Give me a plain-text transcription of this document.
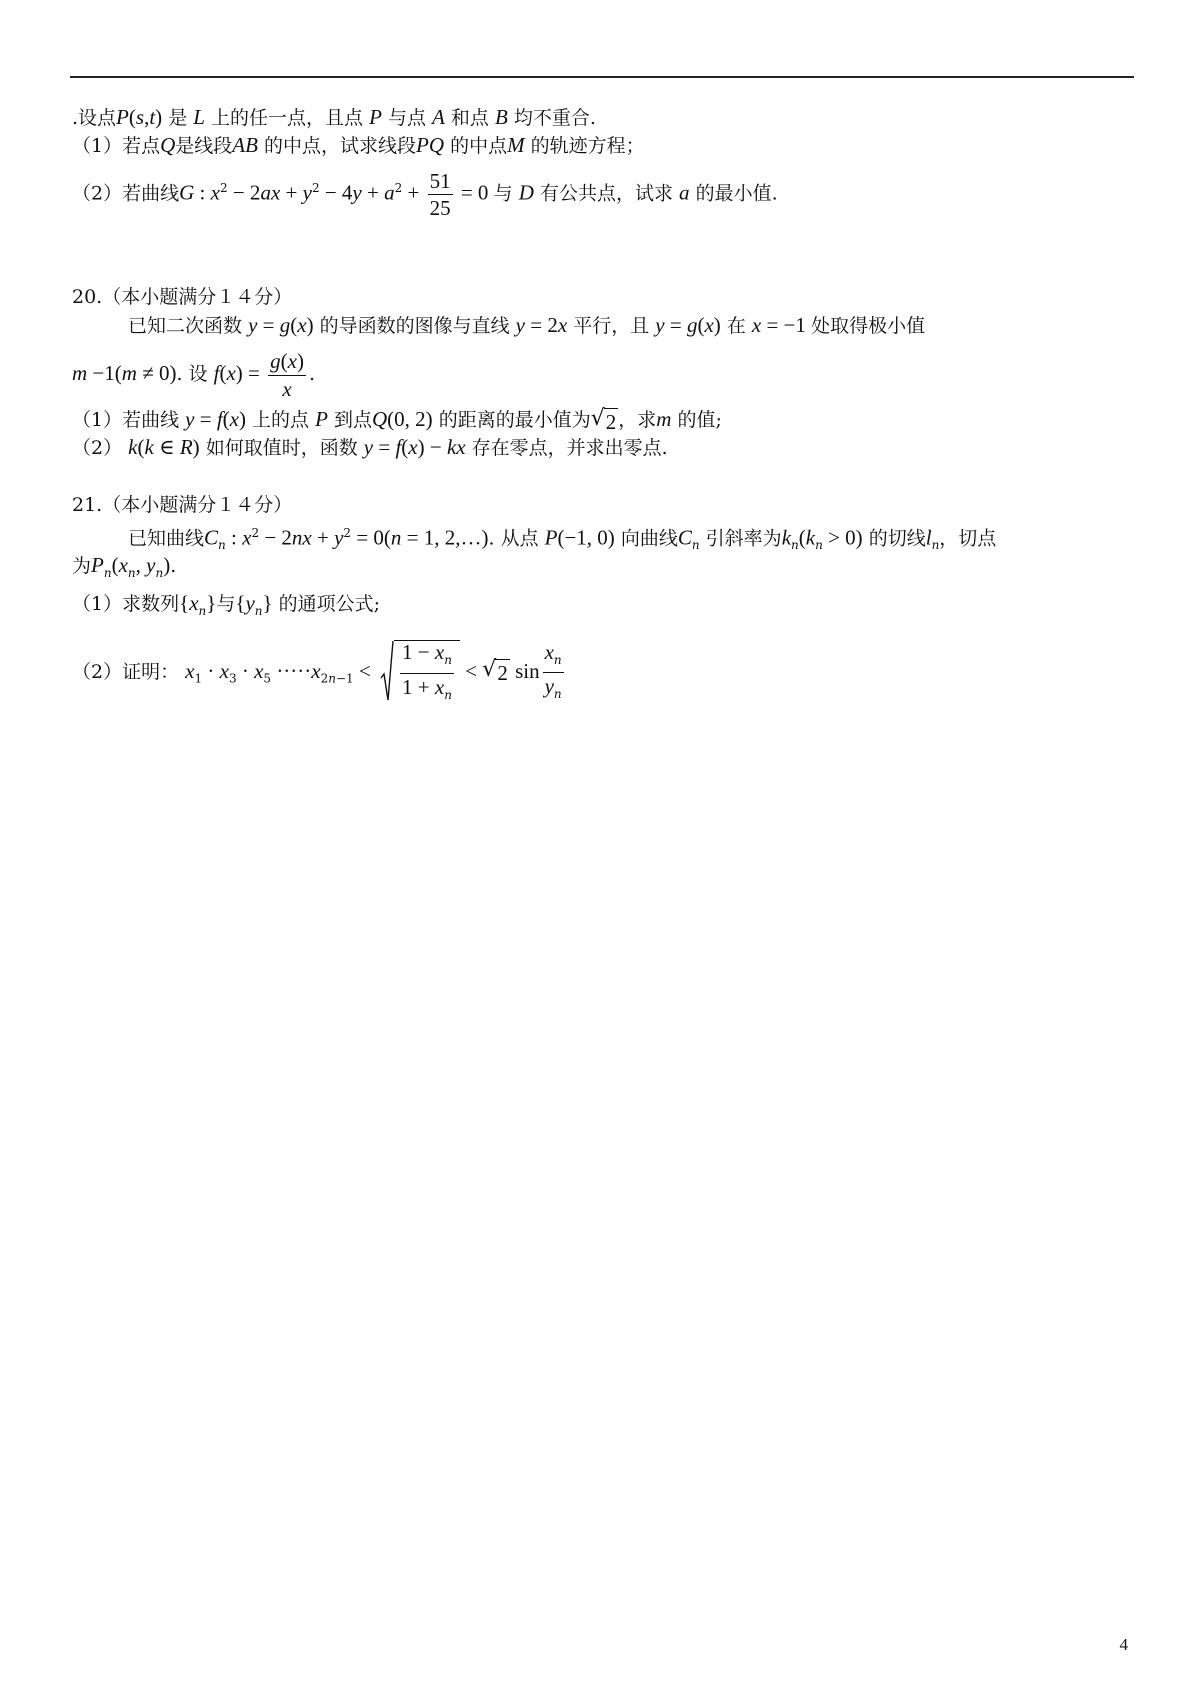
.设点P(s,t) 是 L 上的任一点，且点 P 与点 A 和点 B 均不重合.
（1）若点Q是线段AB 的中点，试求线段PQ 的中点M 的轨迹方程；
（2）若曲线G : $x^2 - 2ax + y^2 - 4y + a^2 + \frac{51}{25} = 0$ 与 D 有公共点，试求 a 的最小值.
20.（本小题满分１４分）
已知二次函数 y = g(x) 的导函数的图像与直线 y = 2x 平行，且 y = g(x) 在 x = −1 处取得极小值
m −1(m ≠ 0). 设 $f(x) = \frac{g(x)}{x}$ .
（1）若曲线 y = f(x) 上的点 P 到点Q(0, 2) 的距离的最小值为 √ 2 ，求m 的值;
（2） k(k ∈ R) 如何取值时，函数 y = f(x) − kx 存在零点，并求出零点.
21.（本小题满分１４分）
已知曲线$C_n$ : $x^2 - 2nx + y^2 = 0(n = 1$, 2,…). 从点 P(−1, 0) 向曲线$C_n$ 引斜率为$k_n(k_n > 0)$ 的切线$l_n$，切点
为$P_n(x_n$, $y_n$).
（1）求数列$\{x_n\}$与$\{y_n\}$ 的通项公式;
（2）证明： $x_1 \cdot x_3 \cdot x_5 \cdot\cdot\cdot\cdot\cdot x_{2n-1} < \frac{1 - x_n}{1 + x_n}$ < √ 2 $\sin \frac{x_n}{y_n}$
4
